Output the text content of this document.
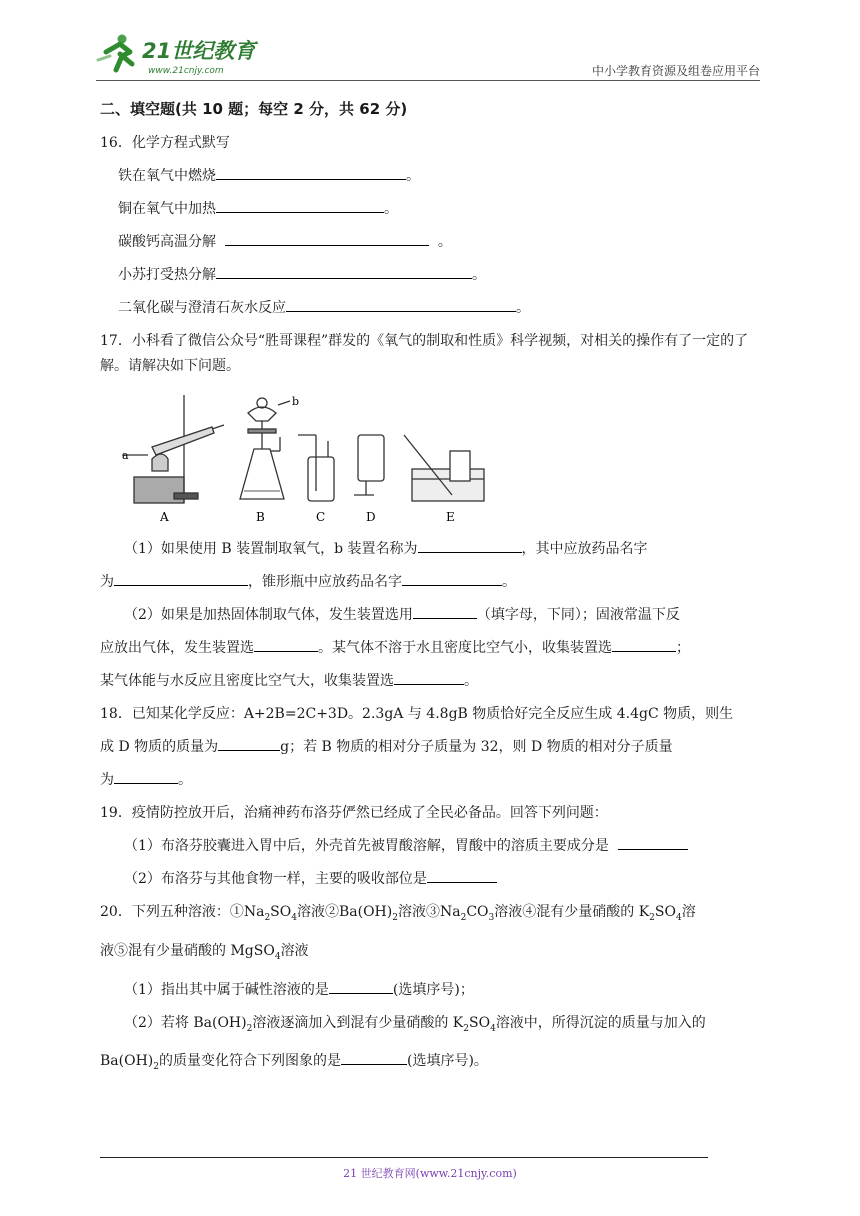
21世纪教育
www.21cnjy.com	中小学教育资源及组卷应用平台
二、填空题(共 10 题；每空 2 分，共 62 分)

16．化学方程式默写

铁在氧气中燃烧	。

铜在氧气中加热	。

碳酸钙高温分解	。

小苏打受热分解	。

二氧化碳与澄清石灰水反应	。

17．小科看了微信公众号“胜哥课程”群发的《氧气的制取和性质》科学视频，对相关的操作有了一定的了解。请解决如下问题。

a
b
A	B	C	D	E

（1）如果使用 B 装置制取氧气，b 装置名称为	，其中应放药品名字

为	，锥形瓶中应放药品名字	。

（2）如果是加热固体制取气体，发生装置选用	（填字母，下同）；固液常温下反

应放出气体，发生装置选	。某气体不溶于水且密度比空气小，收集装置选	；

某气体能与水反应且密度比空气大，收集装置选	。

18．已知某化学反应：A+2B=2C+3D。2.3gA 与 4.8gB 物质恰好完全反应生成 4.4gC 物质，则生

成 D 物质的质量为	g；若 B 物质的相对分子质量为 32，则 D 物质的相对分子质量

为	。

19．疫情防控放开后，治痛神药布洛芬俨然已经成了全民必备品。回答下列问题：

（1）布洛芬胶囊进入胃中后，外壳首先被胃酸溶解，胃酸中的溶质主要成分是

（2）布洛芬与其他食物一样，主要的吸收部位是

20．下列五种溶液：$①Na_2SO_4$溶液$②Ba(OH)_2$溶液$③Na_2CO_3$溶液④混有少量硝酸的 $K_2SO_4$溶

液⑤混有少量硝酸的 MgSO$_4$溶液

（1）指出其中属于碱性溶液的是	(选填序号)；

（2）若将 $Ba(OH)_2$溶液逐滴加入到混有少量硝酸的 $K_2SO_4$溶液中，所得沉淀的质量与加入的

$Ba(OH)_2$的质量变化符合下列图象的是	(选填序号)。

21 世纪教育网(www.21cnjy.com)
